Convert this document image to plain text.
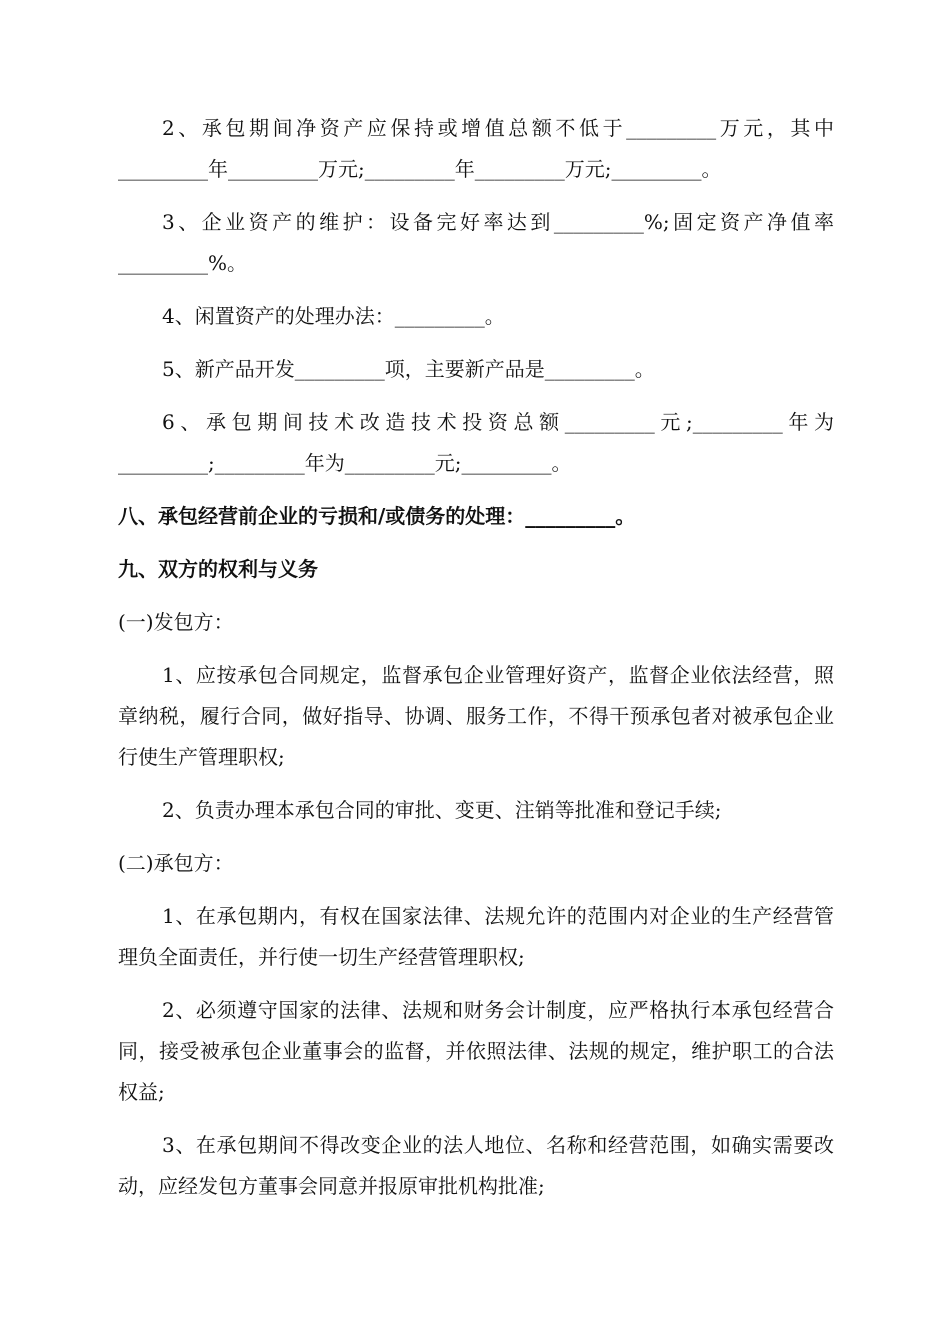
2、承包期间净资产应保持或增值总额不低于_________万元，其中_________年_________万元;_________年_________万元;_________。

3、企业资产的维护：设备完好率达到_________%;固定资产净值率_________%。

4、闲置资产的处理办法：_________。

5、新产品开发_________项，主要新产品是_________。

6、承包期间技术改造技术投资总额_________元;_________年为_________;_________年为_________元;_________。

八、承包经营前企业的亏损和/或债务的处理：_________。

九、双方的权利与义务

(一)发包方：

1、应按承包合同规定，监督承包企业管理好资产，监督企业依法经营，照章纳税，履行合同，做好指导、协调、服务工作，不得干预承包者对被承包企业行使生产管理职权;

2、负责办理本承包合同的审批、变更、注销等批准和登记手续;

(二)承包方：

1、在承包期内，有权在国家法律、法规允许的范围内对企业的生产经营管理负全面责任，并行使一切生产经营管理职权;

2、必须遵守国家的法律、法规和财务会计制度，应严格执行本承包经营合同，接受被承包企业董事会的监督，并依照法律、法规的规定，维护职工的合法权益;

3、在承包期间不得改变企业的法人地位、名称和经营范围，如确实需要改动，应经发包方董事会同意并报原审批机构批准;
